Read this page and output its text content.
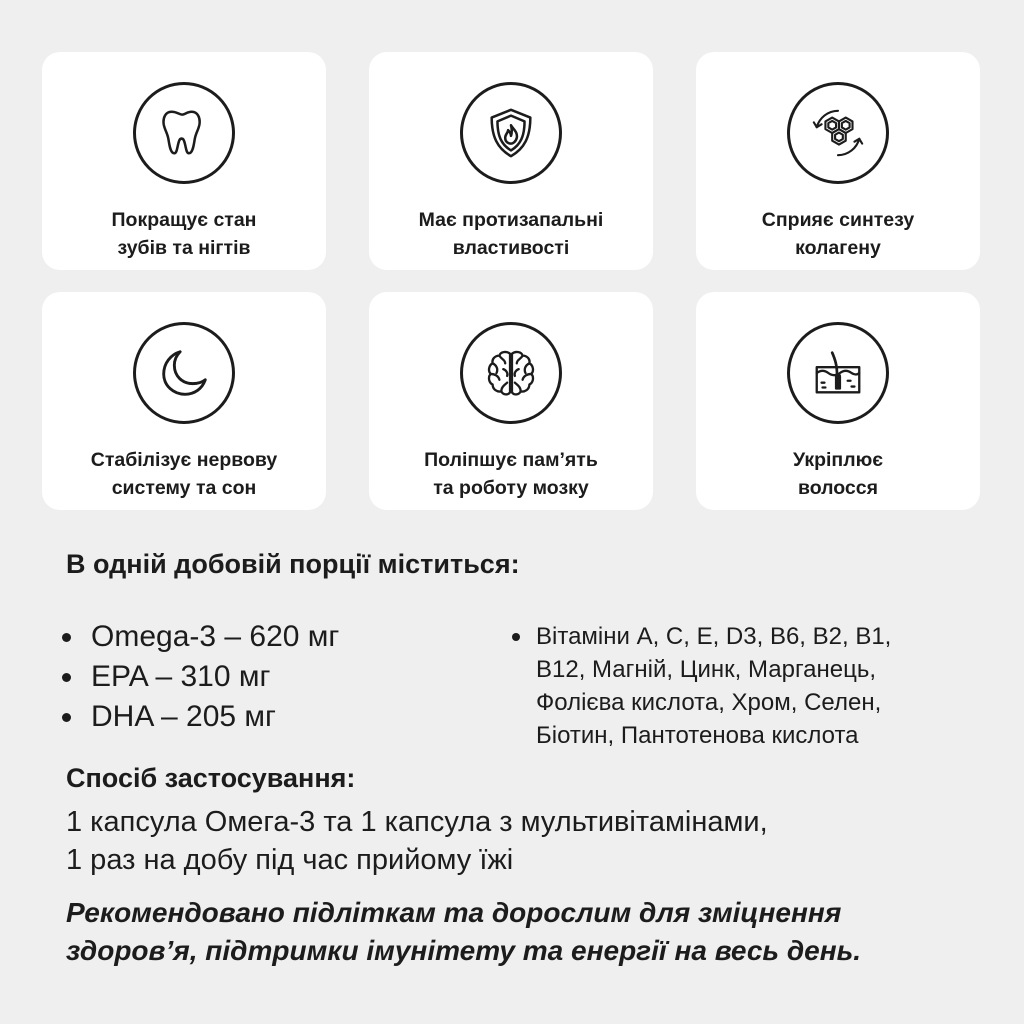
Покращує стан
зубів та нігтів
Має протизапальні
властивості
Сприяє синтезу
колагену
Стабілізує нервову
систему та сон
Поліпшує пам’ять
та роботу мозку
Укріплює
волосся
В одній добовій порції міститься:
Omega-3 – 620 мг
EPA – 310 мг
DHA – 205 мг
Вітаміни A, C, E, D3, B6, B2, B1,
B12, Магній, Цинк, Марганець,
Фолієва кислота, Хром, Селен,
Біотин, Пантотенова кислота
Спосіб застосування:
1 капсула Омега-3 та 1 капсула з мультивітамінами,
1 раз на добу під час прийому їжі
Рекомендовано підліткам та дорослим для зміцнення
здоров’я, підтримки імунітету та енергії на весь день.
